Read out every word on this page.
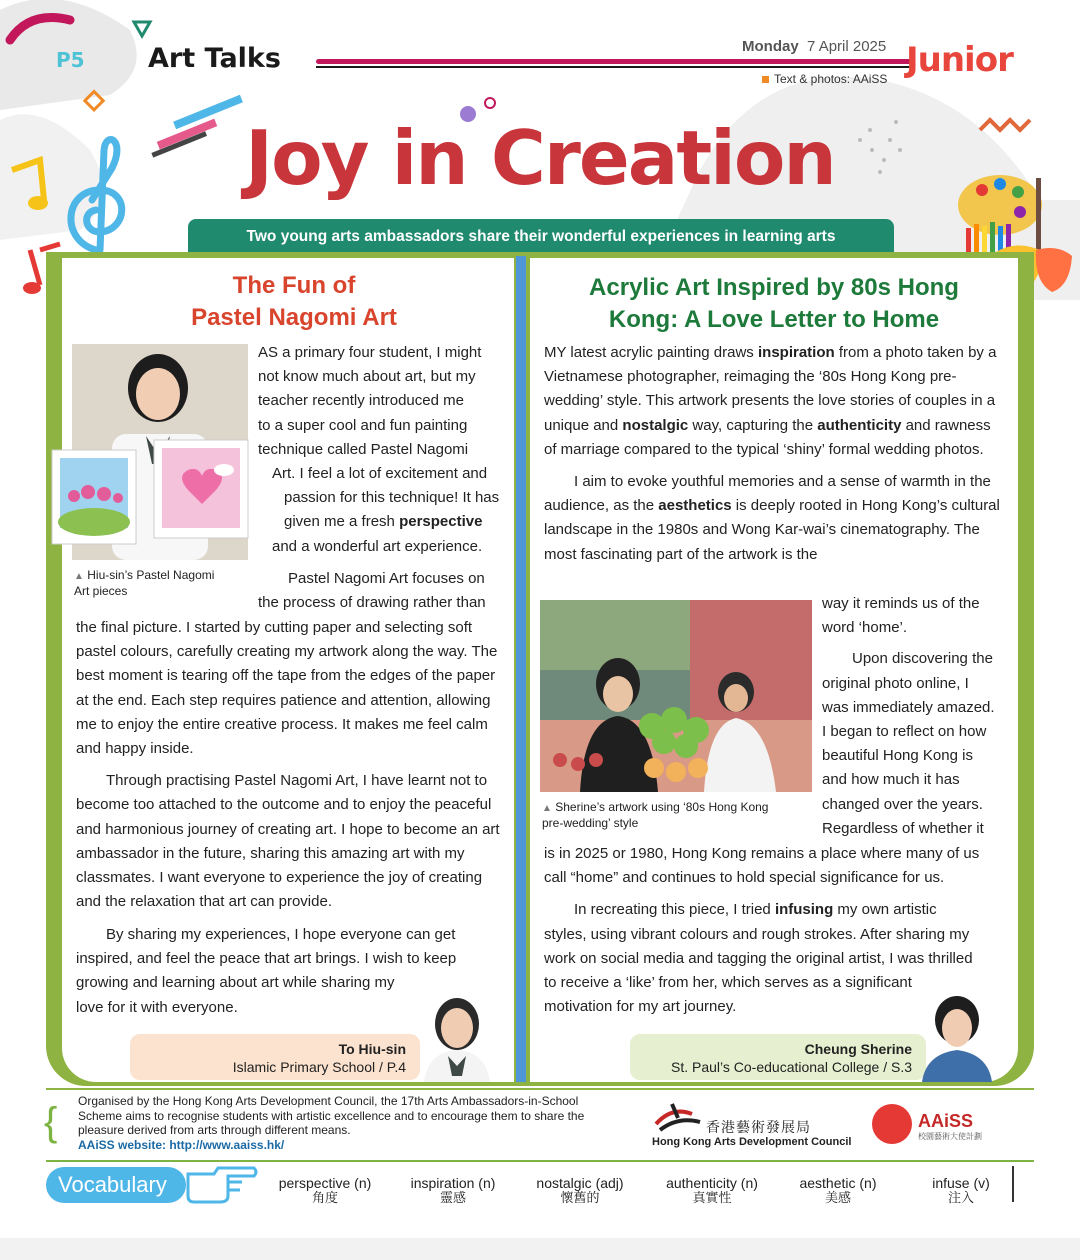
P5 Art Talks	Monday 7 April 2025
Text & photos: AAiSS Junior
Joy in Creation
Two young arts ambassadors share their wonderful experiences in learning arts
The Fun of
Pastel Nagomi Art
▲ Hiu-sin’s Pastel Nagomi
Art pieces
AS a primary four student, I might
not know much about art, but my
teacher recently introduced me
to a super cool and fun painting
technique called Pastel Nagomi
Art. I feel a lot of excitement and
passion for this technique! It has
given me a fresh perspective
and a wonderful art experience.
Pastel Nagomi Art focuses on
the process of drawing rather than

the final picture. I started by cutting paper and selecting soft pastel colours, carefully creating my artwork along the way. The best moment is tearing off the tape from the edges of the paper at the end. Each step requires patience and attention, allowing me to enjoy the entire creative process. It makes me feel calm and happy inside.

Through practising Pastel Nagomi Art, I have learnt not to become too attached to the outcome and to enjoy the peaceful and harmonious journey of creating art. I hope to become an art ambassador in the future, sharing this amazing art with my classmates. I want everyone to experience the joy of creating and the relaxation that art can provide.

By sharing my experiences, I hope everyone can get
inspired, and feel the peace that art brings. I wish to keep
growing and learning about art while sharing my
love for it with everyone.
To Hiu-sin
Islamic Primary School / P.4
Acrylic Art Inspired by 80s Hong
Kong: A Love Letter to Home

MY latest acrylic painting draws inspiration from a photo taken by a Vietnamese photographer, reimaging the ‘80s Hong Kong pre-wedding’ style. This artwork presents the love stories of couples in a unique and nostalgic way, capturing the authenticity and rawness of marriage compared to the typical ‘shiny’ formal wedding photos.

I aim to evoke youthful memories and a sense of warmth in the audience, as the aesthetics is deeply rooted in Hong Kong’s cultural landscape in the 1980s and Wong Kar-wai’s cinematography. The most fascinating part of the artwork is the

▲ Sherine’s artwork using ‘80s Hong Kong
pre-wedding’ style
way it reminds us of the
word ‘home’.
Upon discovering the
original photo online, I
was immediately amazed.
I began to reflect on how
beautiful Hong Kong is
and how much it has
changed over the years.
Regardless of whether it

is in 2025 or 1980, Hong Kong remains a place where many of us call “home” and continues to hold special significance for us.

In recreating this piece, I tried infusing my own artistic styles, using vibrant colours and rough strokes. After sharing my work on social media and tagging the original artist, I was thrilled to receive a ‘like’ from her, which serves as a significant motivation for my art journey.

Cheung Sherine
St. Paul’s Co-educational College / S.3
{ Organised by the Hong Kong Arts Development Council, the 17th Arts Ambassadors-in-School Scheme aims to recognise students with artistic excellence and to encourage them to share the pleasure derived from arts through different means.
AAiSS website: http://www.aaiss.hk/
香港藝術發展局
Hong Kong Arts Development Council
AAiSS
校園藝術大使計劃
Vocabulary	perspective (n)
角度
inspiration (n)
靈感
nostalgic (adj)
懷舊的
authenticity (n)
真實性
aesthetic (n)
美感
infuse (v)
注入
